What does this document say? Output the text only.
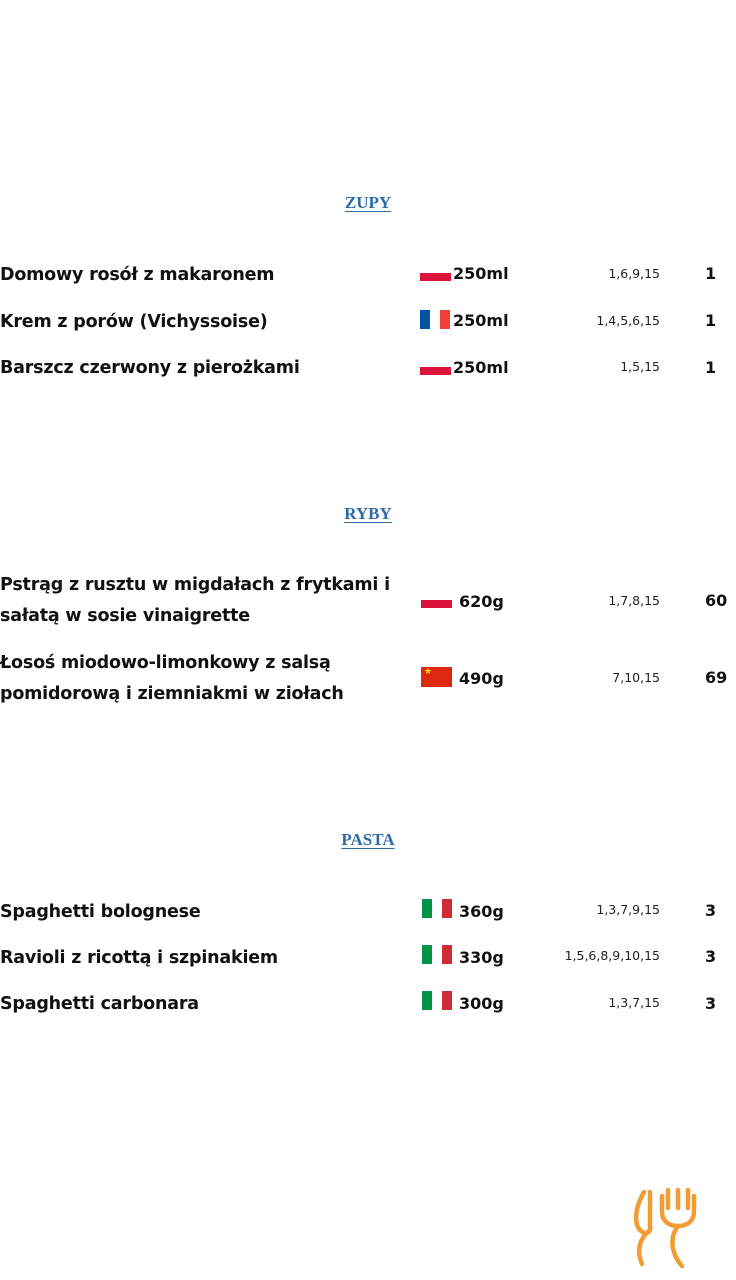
ZUPY
Domowy rosół z makaronem	250ml	1,6,9,15	1
Krem z porów (Vichyssoise)	250ml	1,4,5,6,15	1
Barszcz czerwony z pierożkami	250ml	1,5,15	1
RYBY
Pstrąg z rusztu w migdałach z frytkami i
sałatą w sosie vinaigrette
620g	1,7,8,15	60
Łosoś miodowo-limonkowy z salsą
pomidorową i ziemniakmi w ziołach
★ 490g	7,10,15	69
PASTA
Spaghetti bolognese	360g	1,3,7,9,15	3
Ravioli z ricottą i szpinakiem	330g	1,5,6,8,9,10,15	3
Spaghetti carbonara	300g	1,3,7,15	3
